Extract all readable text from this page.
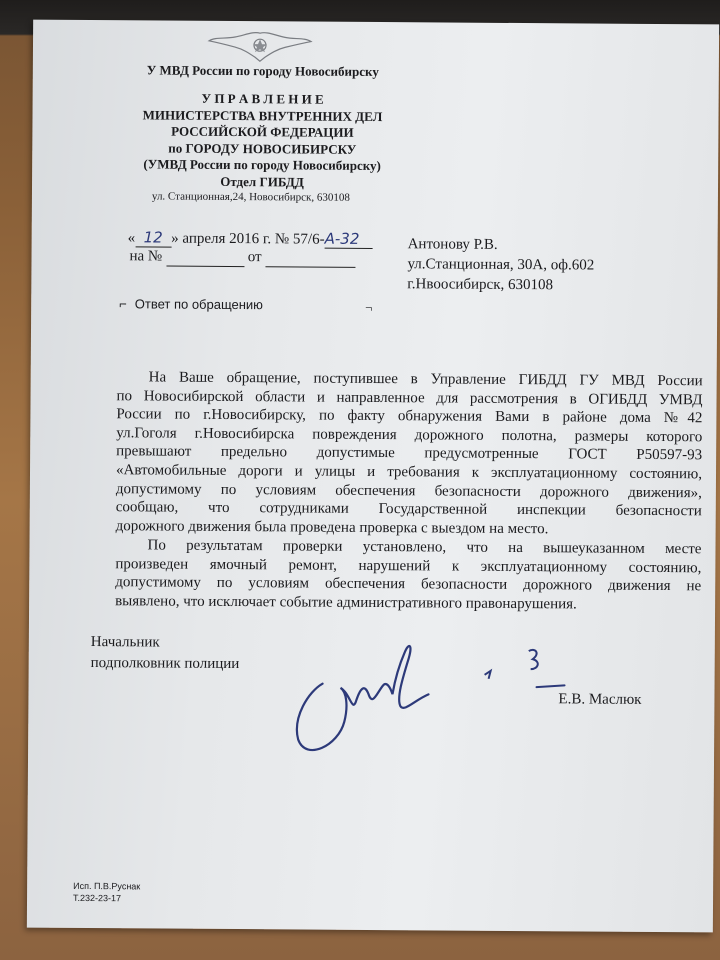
У МВД России по городу Новосибирску
У П Р А В Л Е Н И Е
МИНИСТЕРСТВА ВНУТРЕННИХ ДЕЛ
РОССИЙСКОЙ ФЕДЕРАЦИИ
по ГОРОДУ НОВОСИБИРСКУ
(УМВД России по городу Новосибирску)
Отдел ГИБДД
ул. Станционная,24, Новосибирск, 630108
« 12 » апреля 2016 г. № 57/6-А-32
на №	от
Антонову Р.В.
ул.Станционная, 30А, оф.602
г.Нвоосибирск, 630108
⌐ Ответ по обращению	¬
На Ваше обращение, поступившее в Управление ГИБДД ГУ МВД России
по Новосибирской области и направленное для рассмотрения в ОГИБДД УМВД
России по г.Новосибирску, по факту обнаружения Вами в районе дома №42
ул.Гоголя г.Новосибирска повреждения дорожного полотна, размеры которого
превышают предельно допустимые предусмотренные ГОСТ Р50597-93
«Автомобильные дороги и улицы и требования к эксплуатационному состоянию,
допустимому по условиям обеспечения безопасности дорожного движения»,
сообщаю, что сотрудниками Государственной инспекции безопасности
дорожного движения была проведена проверка с выездом на место.
По результатам проверки установлено, что на вышеуказанном месте
произведен ямочный ремонт, нарушений к эксплуатационному состоянию,
допустимому по условиям обеспечения безопасности дорожного движения не
выявлено, что исключает событие административного правонарушения.
Начальник
подполковник полиции
Е.В. Маслюк
Исп. П.В.Руснак
Т.232-23-17
